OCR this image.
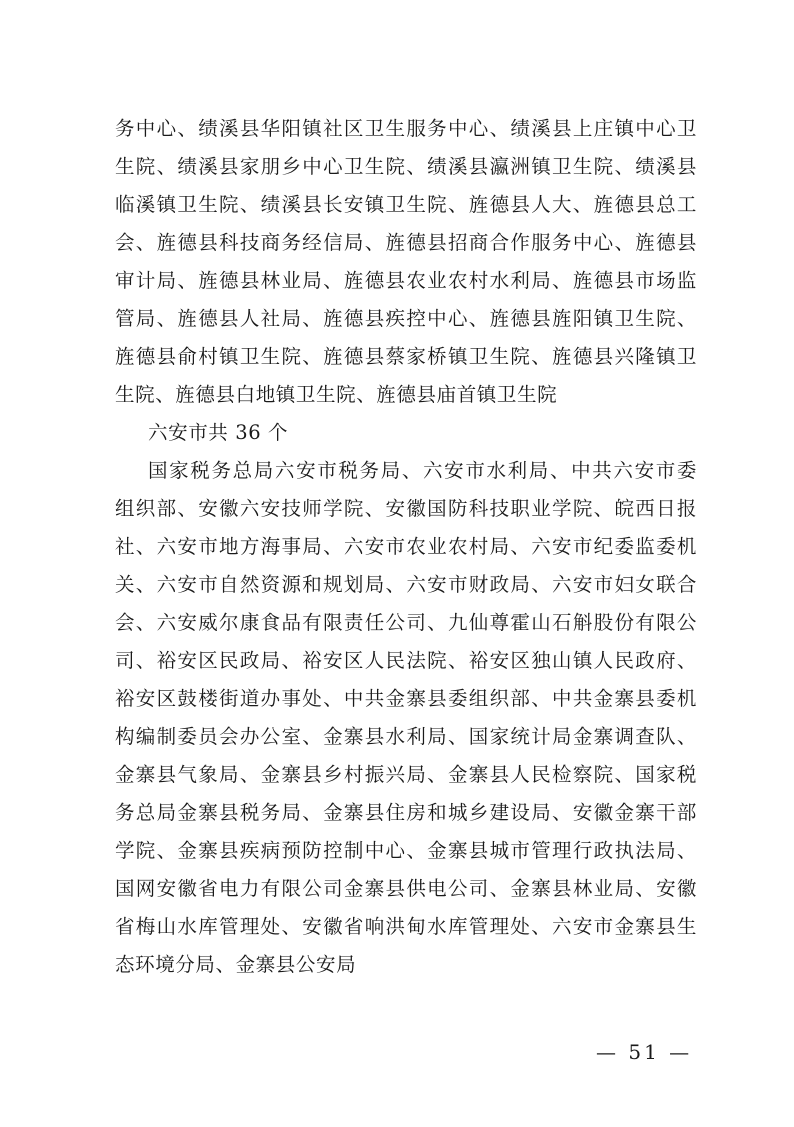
务中心、绩溪县华阳镇社区卫生服务中心、绩溪县上庄镇中心卫
生院、绩溪县家朋乡中心卫生院、绩溪县瀛洲镇卫生院、绩溪县
临溪镇卫生院、绩溪县长安镇卫生院、旌德县人大、旌德县总工
会、旌德县科技商务经信局、旌德县招商合作服务中心、旌德县
审计局、旌德县林业局、旌德县农业农村水利局、旌德县市场监
管局、旌德县人社局、旌德县疾控中心、旌德县旌阳镇卫生院、
旌德县俞村镇卫生院、旌德县蔡家桥镇卫生院、旌德县兴隆镇卫
生院、旌德县白地镇卫生院、旌德县庙首镇卫生院
六安市共 36 个
国家税务总局六安市税务局、六安市水利局、中共六安市委
组织部、安徽六安技师学院、安徽国防科技职业学院、皖西日报
社、六安市地方海事局、六安市农业农村局、六安市纪委监委机
关、六安市自然资源和规划局、六安市财政局、六安市妇女联合
会、六安威尔康食品有限责任公司、九仙尊霍山石斛股份有限公
司、裕安区民政局、裕安区人民法院、裕安区独山镇人民政府、
裕安区鼓楼街道办事处、中共金寨县委组织部、中共金寨县委机
构编制委员会办公室、金寨县水利局、国家统计局金寨调查队、
金寨县气象局、金寨县乡村振兴局、金寨县人民检察院、国家税
务总局金寨县税务局、金寨县住房和城乡建设局、安徽金寨干部
学院、金寨县疾病预防控制中心、金寨县城市管理行政执法局、
国网安徽省电力有限公司金寨县供电公司、金寨县林业局、安徽
省梅山水库管理处、安徽省响洪甸水库管理处、六安市金寨县生
态环境分局、金寨县公安局
— 51 —
